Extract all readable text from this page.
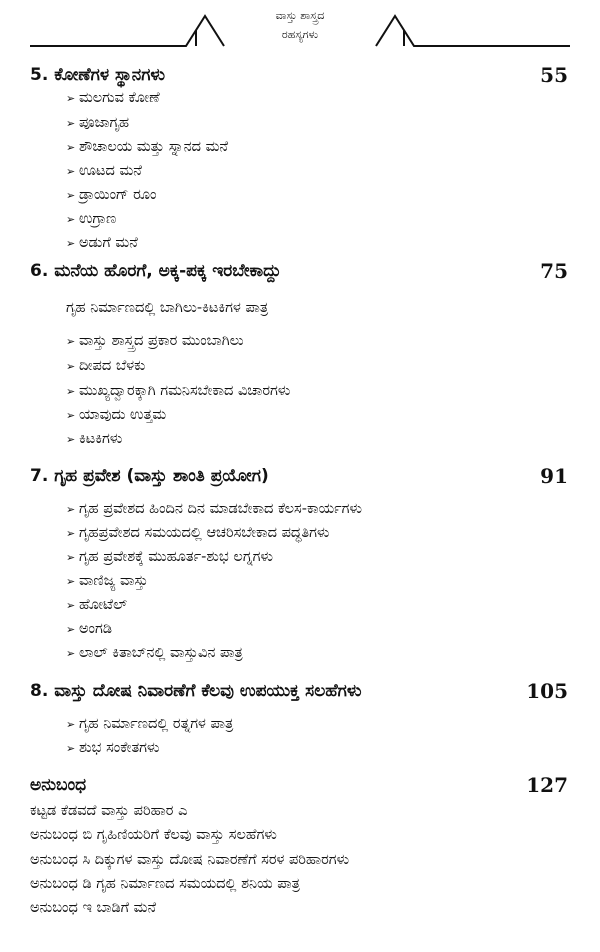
ವಾಸ್ತು ಶಾಸ್ತ್ರದ
ರಹಸ್ಯಗಳು
5. ಕೋಣೆಗಳ ಸ್ಥಾನಗಳು	55
➢ ಮಲಗುವ ಕೋಣೆ
➢ ಪೂಜಾಗೃಹ
➢ ಶೌಚಾಲಯ ಮತ್ತು ಸ್ನಾನದ ಮನೆ
➢ ಊಟದ ಮನೆ
➢ ಡ್ರಾಯಿಂಗ್ ರೂಂ
➢ ಉಗ್ರಾಣ
➢ ಅಡುಗೆ ಮನೆ
6. ಮನೆಯ ಹೊರಗೆ, ಅಕ್ಕ-ಪಕ್ಕ ಇರಬೇಕಾದ್ದು	75
ಗೃಹ ನಿರ್ಮಾಣದಲ್ಲಿ ಬಾಗಿಲು-ಕಿಟಕಿಗಳ ಪಾತ್ರ
➢ ವಾಸ್ತು ಶಾಸ್ತ್ರದ ಪ್ರಕಾರ ಮುಂಬಾಗಿಲು
➢ ದೀಪದ ಬೆಳಕು
➢ ಮುಖ್ಯದ್ವಾರಕ್ಕಾಗಿ ಗಮನಿಸಬೇಕಾದ ವಿಚಾರಗಳು
➢ ಯಾವುದು ಉತ್ತಮ
➢ ಕಿಟಕಿಗಳು
7. ಗೃಹ ಪ್ರವೇಶ (ವಾಸ್ತು ಶಾಂತಿ ಪ್ರಯೋಗ)	91
➢ ಗೃಹ ಪ್ರವೇಶದ ಹಿಂದಿನ ದಿನ ಮಾಡಬೇಕಾದ ಕೆಲಸ-ಕಾರ್ಯಗಳು
➢ ಗೃಹಪ್ರವೇಶದ ಸಮಯದಲ್ಲಿ ಆಚರಿಸಬೇಕಾದ ಪದ್ಧತಿಗಳು
➢ ಗೃಹ ಪ್ರವೇಶಕ್ಕೆ ಮುಹೂರ್ತ-ಶುಭ ಲಗ್ನಗಳು
➢ ವಾಣಿಜ್ಯ ವಾಸ್ತು
➢ ಹೋಟೆಲ್
➢ ಅಂಗಡಿ
➢ ಲಾಲ್ ಕಿತಾಬ್‌ನಲ್ಲಿ ವಾಸ್ತುವಿನ ಪಾತ್ರ
8. ವಾಸ್ತು ದೋಷ ನಿವಾರಣೆಗೆ ಕೆಲವು ಉಪಯುಕ್ತ ಸಲಹೆಗಳು	105
➢ ಗೃಹ ನಿರ್ಮಾಣದಲ್ಲಿ ರತ್ನಗಳ ಪಾತ್ರ
➢ ಶುಭ ಸಂಕೇತಗಳು
ಅನುಬಂಧ	127
ಕಟ್ಟಡ ಕೆಡವದೆ ವಾಸ್ತು ಪರಿಹಾರ ಎ
ಅನುಬಂಧ ಬಿ ಗೃಹಿಣಿಯರಿಗೆ ಕೆಲವು ವಾಸ್ತು ಸಲಹೆಗಳು
ಅನುಬಂಧ ಸಿ ದಿಕ್ಕುಗಳ ವಾಸ್ತು ದೋಷ ನಿವಾರಣೆಗೆ ಸರಳ ಪರಿಹಾರಗಳು
ಅನುಬಂಧ ಡಿ ಗೃಹ ನಿರ್ಮಾಣದ ಸಮಯದಲ್ಲಿ ಶನಿಯ ಪಾತ್ರ
ಅನುಬಂಧ ಇ ಬಾಡಿಗೆ ಮನೆ
